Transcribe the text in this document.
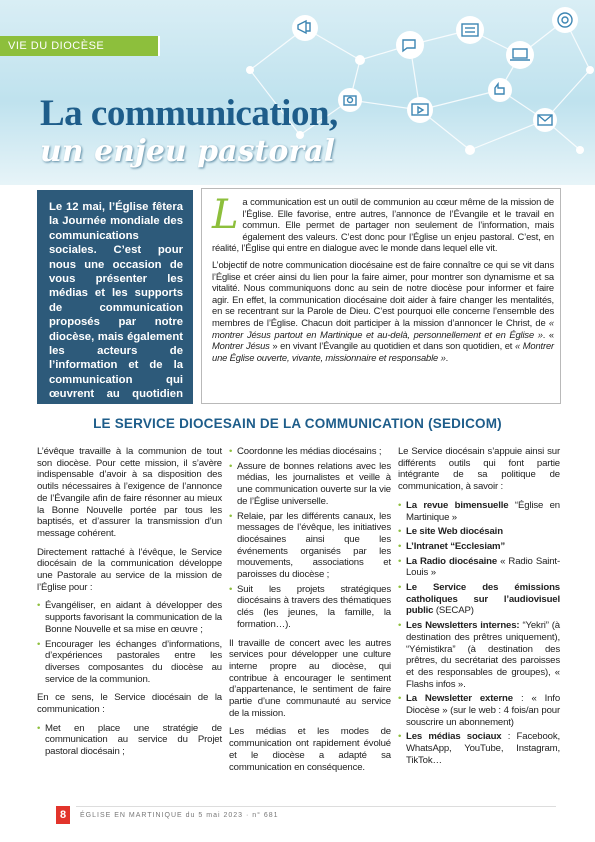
VIE DU DIOCÈSE
La communication,
un enjeu pastoral
Le 12 mai, l’Église fêtera la Journée mondiale des communications sociales. C’est pour nous une occasion de vous présenter les médias et les supports de communication proposés par notre diocèse, mais également les acteurs de l’information et de la communication qui œuvrent au quotidien pour bien vous informer.

La communication est un outil de communion au cœur même de la mission de l’Église. Elle favorise, entre autres, l’annonce de l’Évangile et le travail en commun. Elle permet de partager non seulement de l’information, mais également des valeurs. C’est donc pour l’Église un enjeu pastoral. C’est, en réalité, l’Église qui entre en dialogue avec le monde dans lequel elle vit.

L’objectif de notre communication diocésaine est de faire connaître ce qui se vit dans l’Église et créer ainsi du lien pour la faire aimer, pour montrer son dynamisme et sa vitalité. Nous communiquons donc au sein de notre diocèse pour informer et faire agir. En effet, la communication diocésaine doit aider à faire changer les mentalités, en se recentrant sur la Parole de Dieu. C’est pourquoi elle concerne l’ensemble des membres de l’Église. Chacun doit participer à la mission d’annoncer le Christ, de « montrer Jésus partout en Martinique et au-delà, personnellement et en Église ». « Montrer Jésus » en vivant l’Évangile au quotidien et dans son quotidien, et « Montrer une Église ouverte, vivante, missionnaire et responsable ».

LE SERVICE DIOCESAIN DE LA COMMUNICATION (SEDICOM)

L’évêque travaille à la communion de tout son diocèse. Pour cette mission, il s’avère indispensable d’avoir à sa disposition des outils nécessaires à l’exigence de l’annonce de l’Évangile afin de faire résonner au mieux la Bonne Nouvelle portée par tous les baptisés, et d’assurer la transmission d’un message cohérent.

Directement rattaché à l’évêque, le Service diocésain de la communication développe une Pastorale au service de la mission de l’Église pour :

• Évangéliser, en aidant à développer des supports favorisant la communication de la Bonne Nouvelle et sa mise en œuvre ;
• Encourager les échanges d’informations, d’expériences pastorales entre les diverses composantes du diocèse au service de la communion.

En ce sens, le Service diocésain de la communication :

• Met en place une stratégie de communication au service du Projet pastoral diocésain ;
• Coordonne les médias diocésains ;
• Assure de bonnes relations avec les médias, les journalistes et veille à une communication ouverte sur la vie de l’Église universelle.
• Relaie, par les différents canaux, les messages de l’évêque, les initiatives diocésaines ainsi que les événements organisés par les mouvements, associations et paroisses du diocèse ;
• Suit les projets stratégiques diocésains à travers des thématiques clés (les jeunes, la famille, la formation…).

Il travaille de concert avec les autres services pour développer une culture interne propre au diocèse, qui contribue à encourager le sentiment d’appartenance, le sentiment de faire partie d’une communauté au service de la mission.

Les médias et les modes de communication ont rapidement évolué et le diocèse a adapté sa communication en conséquence.

Le Service diocésain s’appuie ainsi sur différents outils qui font partie intégrante de sa politique de communication, à savoir :

• La revue bimensuelle “Église en Martinique »
• Le site Web diocésain
• L’Intranet “Ecclesiam”
• La Radio diocésaine « Radio Saint-Louis »
• Le Service des émissions catholiques sur l’audiovisuel public (SECAP)
• Les Newsletters internes: “Yekri” (à destination des prêtres uniquement), “Yémistikra” (à destination des prêtres, du secrétariat des paroisses et des responsables de groupes), « Flashs infos ».
• La Newsletter externe : « Info Diocèse » (sur le web : 4 fois/an pour souscrire un abonnement)
• Les médias sociaux : Facebook, WhatsApp, YouTube, Instagram, TikTok…
8	ÉGLISE EN MARTINIQUE du 5 mai 2023 · n° 681
